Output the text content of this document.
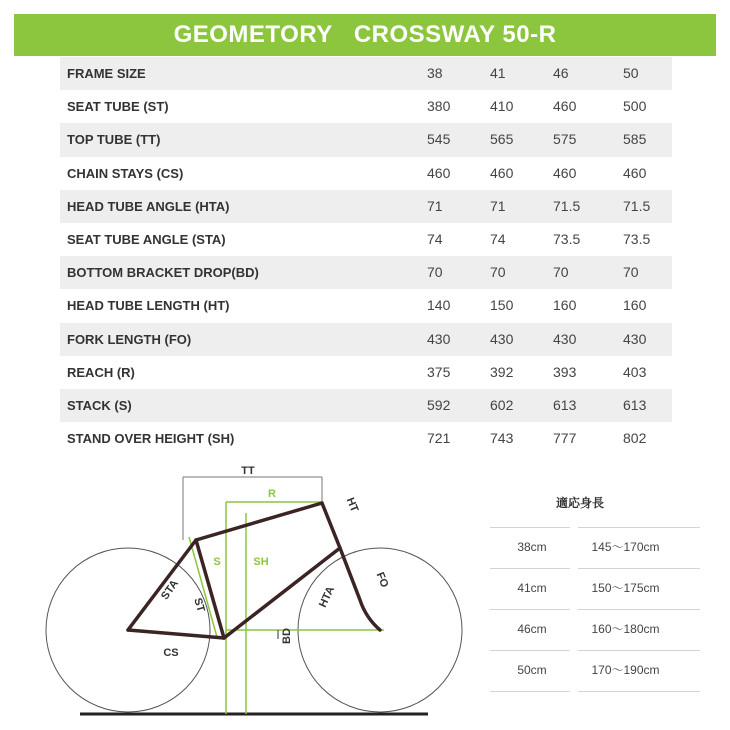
GEOMETORY   CROSSWAY 50-R
FRAME SIZE	38	41	46	50
SEAT TUBE (ST)	380	410	460	500
TOP TUBE (TT)	545	565	575	585
CHAIN STAYS (CS)	460	460	460	460
HEAD TUBE ANGLE (HTA)	71	71	71.5	71.5
SEAT TUBE ANGLE (STA)	74	74	73.5	73.5
BOTTOM BRACKET DROP(BD)	70	70	70	70
HEAD TUBE LENGTH (HT)	140	150	160	160
FORK LENGTH (FO)	430	430	430	430
REACH (R)	375	392	393	403
STACK (S)	592	602	613	613
STAND OVER HEIGHT (SH)	721	743	777	802
TT
R
HT
S	SH
STA
ST	HTA
FO
BD
CS
適応身長
38cm	145〜170cm
41cm	150〜175cm
46cm	160〜180cm
50cm	170〜190cm
